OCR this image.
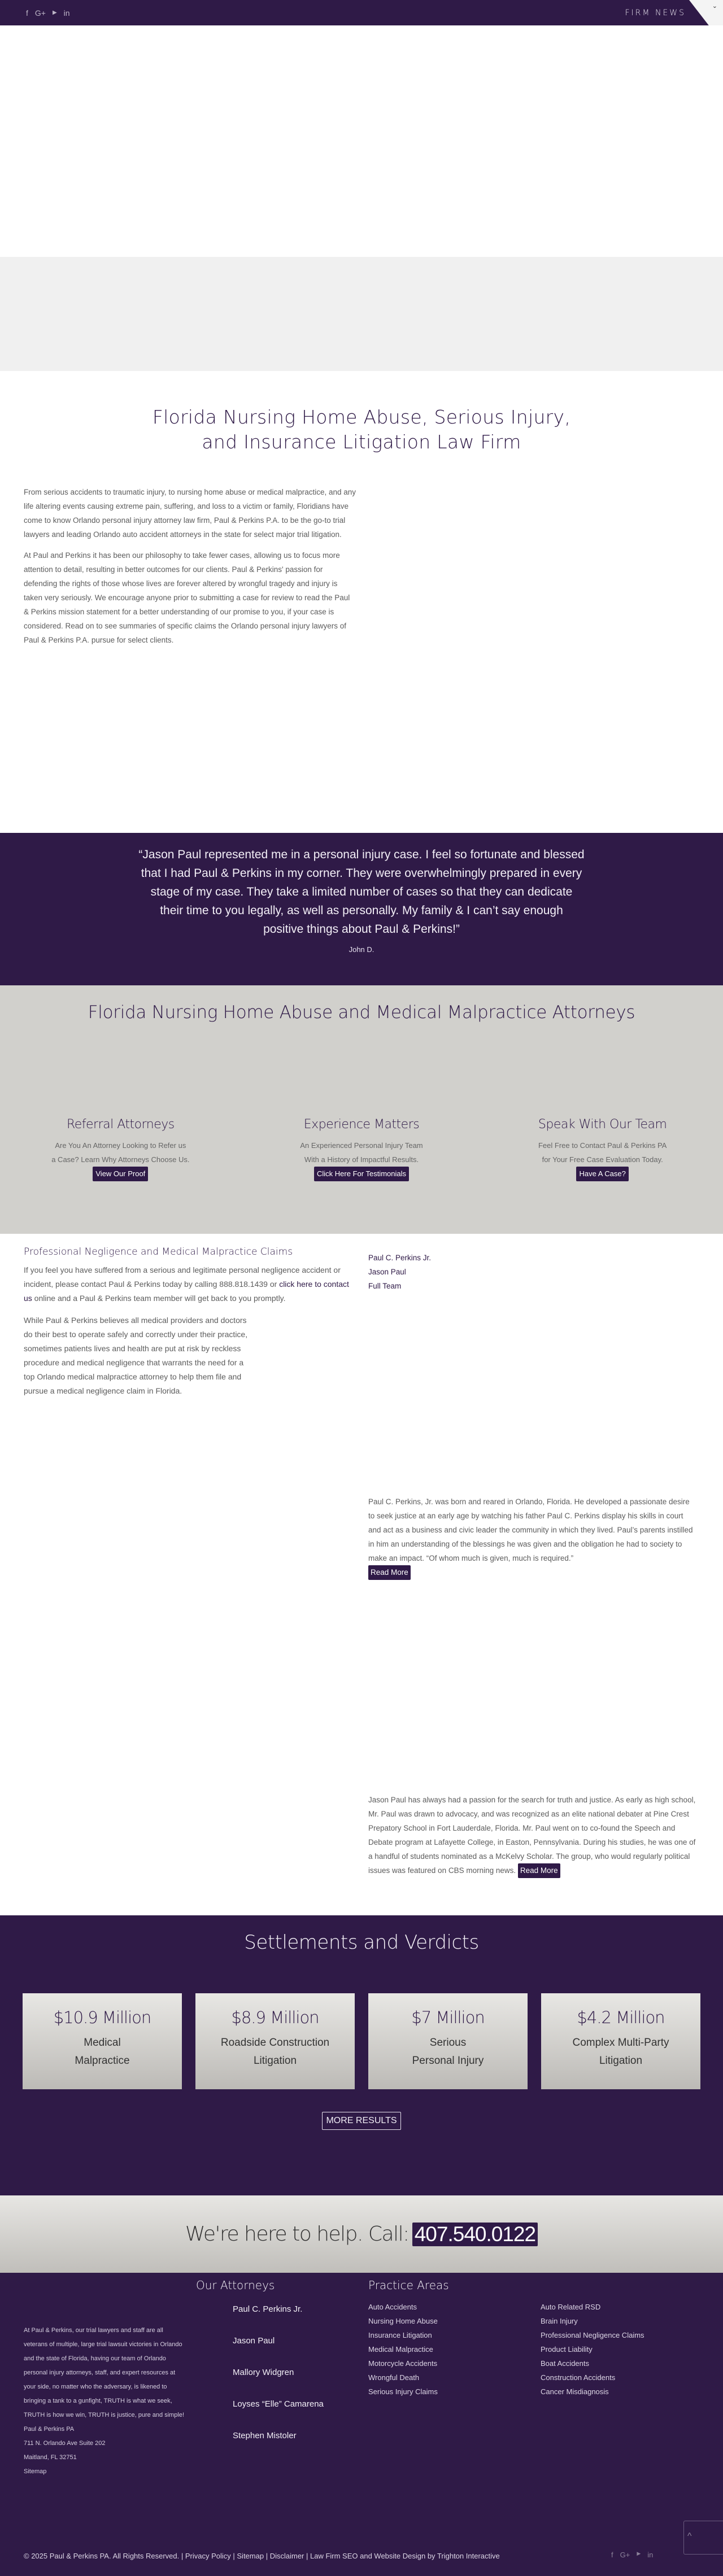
f G+ ▶ in	FIRM NEWS
⌄
Florida Nursing Home Abuse, Serious Injury,
and Insurance Litigation Law Firm

From serious accidents to traumatic injury, to nursing home abuse or medical malpractice, and any life altering events causing extreme pain, suffering, and loss to a victim or family, Floridians have come to know Orlando personal injury attorney law firm, Paul & Perkins P.A. to be the go-to trial lawyers and leading Orlando auto accident attorneys in the state for select major trial litigation.

At Paul and Perkins it has been our philosophy to take fewer cases, allowing us to focus more attention to detail, resulting in better outcomes for our clients. Paul & Perkins' passion for defending the rights of those whose lives are forever altered by wrongful tragedy and injury is taken very seriously. We encourage anyone prior to submitting a case for review to read the Paul & Perkins mission statement for a better understanding of our promise to you, if your case is considered. Read on to see summaries of specific claims the Orlando personal injury lawyers of Paul & Perkins P.A. pursue for select clients.

“Jason Paul represented me in a personal injury case. I feel so fortunate and blessed that I had Paul & Perkins in my corner. They were overwhelmingly prepared in every stage of my case. They take a limited number of cases so that they can dedicate their time to you legally, as well as personally. My family & I can’t say enough positive things about Paul & Perkins!”
John D.
Florida Nursing Home Abuse and Medical Malpractice Attorneys
Referral Attorneys

Are You An Attorney Looking to Refer us
a Case? Learn Why Attorneys Choose Us.

View Our Proof
Experience Matters

An Experienced Personal Injury Team
With a History of Impactful Results.

Click Here For Testimonials
Speak With Our Team

Feel Free to Contact Paul & Perkins PA
for Your Free Case Evaluation Today.

Have A Case?
Professional Negligence and Medical Malpractice Claims

If you feel you have suffered from a serious and legitimate personal negligence accident or incident, please contact Paul & Perkins today by calling 888.818.1439 or click here to contact us online and a Paul & Perkins team member will get back to you promptly.

While Paul & Perkins believes all medical providers and doctors do their best to operate safely and correctly under their practice, sometimes patients lives and health are put at risk by reckless procedure and medical negligence that warrants the need for a top Orlando medical malpractice attorney to help them file and pursue a medical negligence claim in Florida.

Paul C. Perkins Jr.
Jason Paul
Full Team

Paul C. Perkins, Jr. was born and reared in Orlando, Florida. He developed a passionate desire to seek justice at an early age by watching his father Paul C. Perkins display his skills in court and act as a business and civic leader the community in which they lived. Paul’s parents instilled in him an understanding of the blessings he was given and the obligation he had to society to make an impact. “Of whom much is given, much is required.”

Read More

Jason Paul has always had a passion for the search for truth and justice. As early as high school, Mr. Paul was drawn to advocacy, and was recognized as an elite national debater at Pine Crest Prepatory School in Fort Lauderdale, Florida. Mr. Paul went on to co-found the Speech and Debate program at Lafayette College, in Easton, Pennsylvania. During his studies, he was one of a handful of students nominated as a McKelvy Scholar. The group, who would regularly political issues was featured on CBS morning news. Read More

Settlements and Verdicts
$10.9 Million
Medical
Malpractice
$8.9 Million
Roadside Construction
Litigation
$7 Million
Serious
Personal Injury
$4.2 Million
Complex Multi-Party
Litigation
MORE RESULTS
We're here to help. Call: 407.540.0122

At Paul & Perkins, our trial lawyers and staff are all veterans of multiple, large trial lawsuit victories in Orlando and the state of Florida, having our team of Orlando personal injury attorneys, staff, and expert resources at your side, no matter who the adversary, is likened to bringing a tank to a gunfight, TRUTH is what we seek, TRUTH is how we win, TRUTH is justice, pure and simple!

Paul & Perkins PA

711 N. Orlando Ave Suite 202

Maitland, FL 32751

Sitemap

Our Attorneys
Paul C. Perkins Jr.
Jason Paul
Mallory Widgren
Loyses “Elle” Camarena
Stephen Mistoler
Practice Areas
Auto Accidents
Nursing Home Abuse
Insurance Litigation
Medical Malpractice
Motorcycle Accidents
Wrongful Death
Serious Injury Claims
Auto Related RSD
Brain Injury
Professional Negligence Claims
Product Liability
Boat Accidents
Construction Accidents
Cancer Misdiagnosis
© 2025 Paul & Perkins PA. All Rights Reserved. | Privacy Policy | Sitemap | Disclaimer | Law Firm SEO and Website Design by Trighton Interactive	f G+ ▶ in
^
